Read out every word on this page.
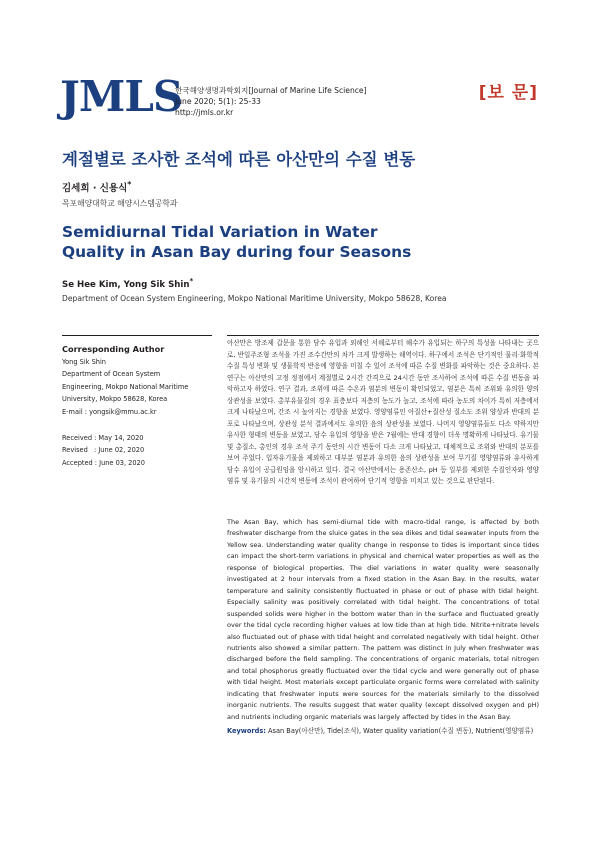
JMLS
한국해양생명과학회지[Journal of Marine Life Science]
June 2020; 5(1): 25-33
http://jmls.or.kr
[보 문]
계절별로 조사한 조석에 따른 아산만의 수질 변동
김세희 · 신용식*
목포해양대학교 해양시스템공학과
Semidiurnal Tidal Variation in Water Quality in Asan Bay during four Seasons
Se Hee Kim, Yong Sik Shin*
Department of Ocean System Engineering, Mokpo National Maritime University, Mokpo 58628, Korea
Corresponding Author
Yong Sik Shin
Department of Ocean System
Engineering, Mokpo National Maritime
University, Mokpo 58628, Korea
E-mail : yongsik@mmu.ac.kr
Received : May 14, 2020
Revised   : June 02, 2020
Accepted : June 03, 2020
아산만은 방조제 갑문을 통한 담수 유입과 외해인 서해로부터 해수가 유입되는 하구의 특성을 나타내는 곳으로, 반일주조형 조석을 가진 조수간만의 차가 크게 발생하는 해역이다. 하구에서 조석은 단기적인 물리·화학적 수질 특성 변화 및 생물학적 반응에 영향을 미칠 수 있어 조석에 따른 수질 변화를 파악하는 것은 중요하다. 본 연구는 아산만의 고정 정점에서 계절별로 2시간 간격으로 24시간 동안 조사하여 조석에 따른 수질 변동을 파악하고자 하였다. 연구 결과, 조위에 따른 수온과 염분의 변동이 확인되었고, 염분은 특히 조위와 유의한 양의 상관성을 보였다. 총부유물질의 경우 표층보다 저층의 농도가 높고, 조석에 따라 농도의 차이가 특히 저층에서 크게 나타났으며, 간조 시 높아지는 경향을 보였다. 영양염류인 아질산+질산성 질소도 조위 양상과 반대의 분포로 나타났으며, 상관성 분석 결과에서도 유의한 음의 상관성을 보였다. 나머지 영양염류들도 다소 약하지만 유사한 형태의 변동을 보였고, 담수 유입의 영향을 받은 7월에는 반대 경향이 더욱 명확하게 나타났다. 유기물 및 총질소, 총인의 경우 조석 주기 동안의 시간 변동이 다소 크게 나타났고, 대체적으로 조위와 반대의 분포를 보여 주었다. 입자유기물을 제외하고 대부분 염분과 유의한 음의 상관성을 보여 무기질 영양염류와 유사하게 담수 유입이 공급원임을 암시하고 있다. 결국 아산만에서는 용존산소, pH 등 일부를 제외한 수질인자와 영양염류 및 유기물의 시간적 변동에 조석이 관여하여 단기적 영향을 미치고 있는 것으로 판단된다.
The Asan Bay, which has semi-diurnal tide with macro-tidal range, is affected by both freshwater discharge from the sluice gates in the sea dikes and tidal seawater inputs from the Yellow sea. Understanding water quality change in response to tides is important since tides can impact the short-term variations in physical and chemical water properties as well as the response of biological properties. The diel variations in water quality were seasonally investigated at 2 hour intervals from a fixed station in the Asan Bay. In the results, water temperature and salinity consistently fluctuated in phase or out of phase with tidal height. Especially salinity was positively correlated with tidal height. The concentrations of total suspended solids were higher in the bottom water than in the surface and fluctuated greatly over the tidal cycle recording higher values at low tide than at high tide. Nitrite+nitrate levels also fluctuated out of phase with tidal height and correlated negatively with tidal height. Other nutrients also showed a similar pattern. The pattern was distinct in July when freshwater was discharged before the field sampling. The concentrations of organic materials, total nitrogen and total phosphorus greatly fluctuated over the tidal cycle and were generally out of phase with tidal height. Most materials except particulate organic forms were correlated with salinity indicating that freshwater inputs were sources for the materials similarly to the dissolved inorganic nutrients. The results suggest that water quality (except dissolved oxygen and pH) and nutrients including organic materials was largely affected by tides in the Asan Bay.
Keywords: Asan Bay(아산만), Tide(조석), Water quality variation(수질 변동), Nutrient(영양염류)
